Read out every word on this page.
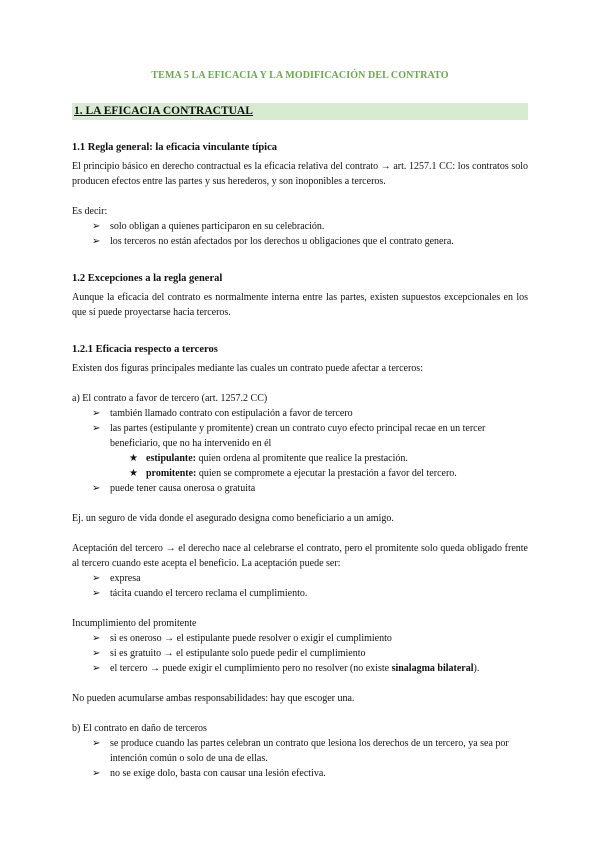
TEMA 5 LA EFICACIA Y LA MODIFICACIÓN DEL CONTRATO
1. LA EFICACIA CONTRACTUAL
1.1 Regla general: la eficacia vinculante típica

El principio básico en derecho contractual es la eficacia relativa del contrato → art. 1257.1 CC: los contratos solo producen efectos entre las partes y sus herederos, y son inoponibles a terceros.

Es decir:

➢ solo obligan a quienes participaron en su celebración.
➢ los terceros no están afectados por los derechos u obligaciones que el contrato genera.
1.2 Excepciones a la regla general

Aunque la eficacia del contrato es normalmente interna entre las partes, existen supuestos excepcionales en los que sí puede proyectarse hacia terceros.

1.2.1 Eficacia respecto a terceros

Existen dos figuras principales mediante las cuales un contrato puede afectar a terceros:

a) El contrato a favor de tercero (art. 1257.2 CC)

➢ también llamado contrato con estipulación a favor de tercero
➢ las partes (estipulante y promitente) crean un contrato cuyo efecto principal recae en un tercer beneficiario, que no ha intervenido en él
★ estipulante: quien ordena al promitente que realice la prestación.
★ promitente: quien se compromete a ejecutar la prestación a favor del tercero.
➢ puede tener causa onerosa o gratuita

Ej. un seguro de vida donde el asegurado designa como beneficiario a un amigo.

Aceptación del tercero → el derecho nace al celebrarse el contrato, pero el promitente solo queda obligado frente al tercero cuando este acepta el beneficio. La aceptación puede ser:

➢ expresa
➢ tácita cuando el tercero reclama el cumplimiento.

Incumplimiento del promitente

➢ si es oneroso → el estipulante puede resolver o exigir el cumplimiento
➢ si es gratuito → el estipulante solo puede pedir el cumplimiento
➢ el tercero → puede exigir el cumplimiento pero no resolver (no existe sinalagma bilateral).

No pueden acumularse ambas responsabilidades: hay que escoger una.

b) El contrato en daño de terceros

➢ se produce cuando las partes celebran un contrato que lesiona los derechos de un tercero, ya sea por intención común o solo de una de ellas.
➢ no se exige dolo, basta con causar una lesión efectiva.
